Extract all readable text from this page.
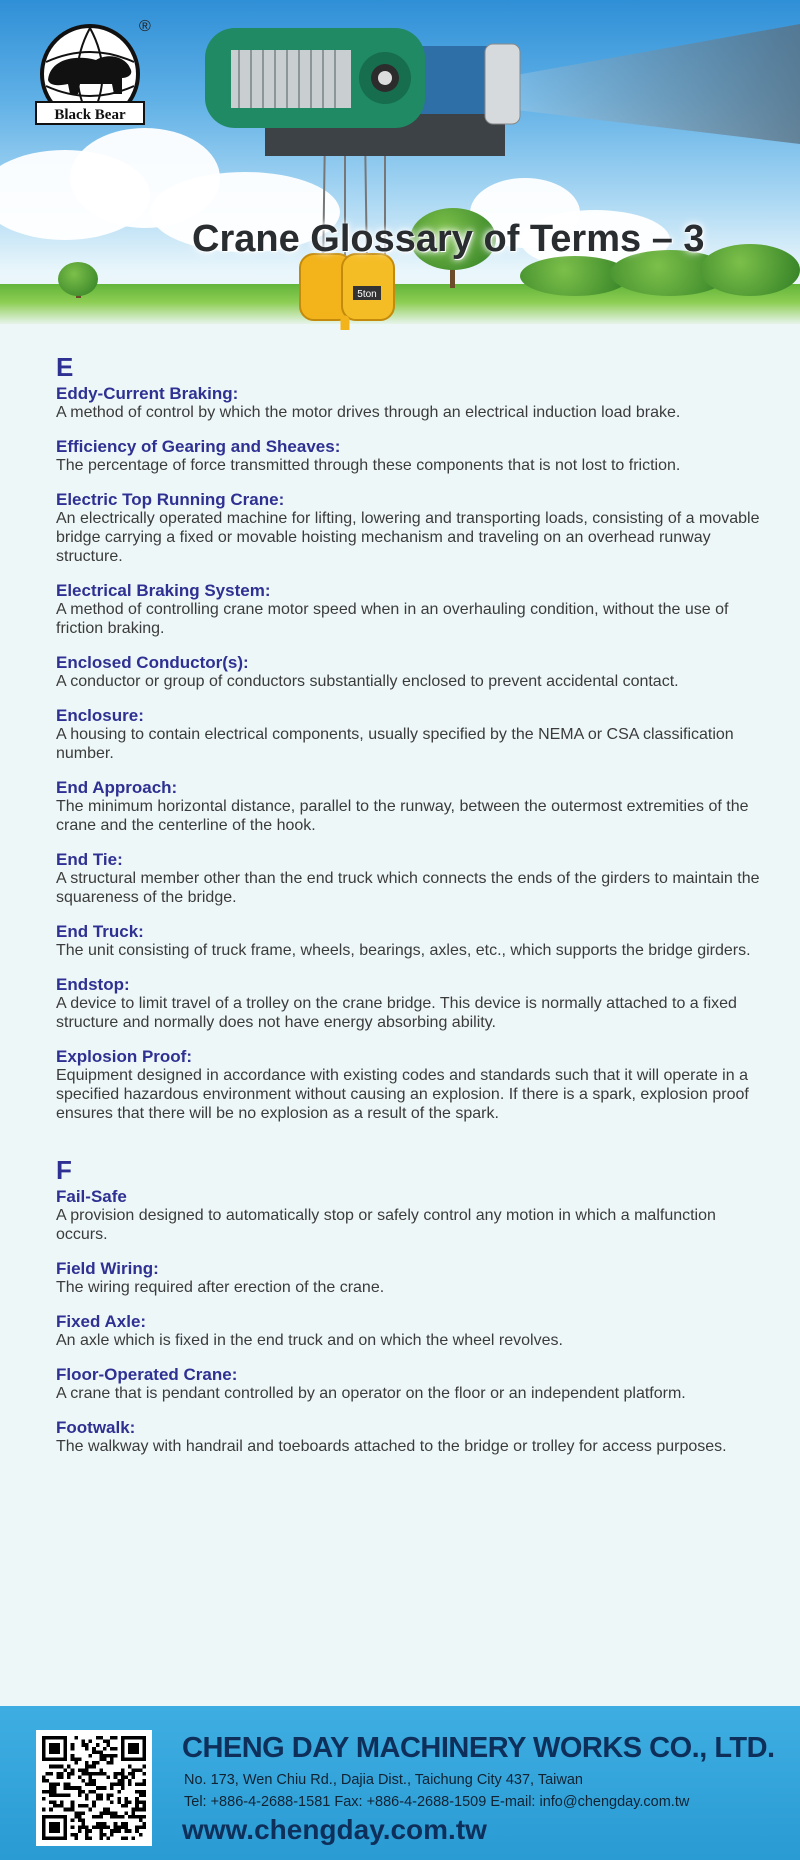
5ton
Black Bear
®
Crane Glossary of Terms – 3
E
Eddy-Current Braking:
A method of control by which the motor drives through an electrical induction load brake.
Efficiency of Gearing and Sheaves:
The percentage of force transmitted through these components that is not lost to friction.
Electric Top Running Crane:
An electrically operated machine for lifting, lowering and transporting loads, consisting of a movable bridge carrying a fixed or movable hoisting mechanism and traveling on an overhead runway structure.
Electrical Braking System:
A method of controlling crane motor speed when in an overhauling condition, without the use of friction braking.
Enclosed Conductor(s):
A conductor or group of conductors substantially enclosed to prevent accidental contact.
Enclosure:
A housing to contain electrical components, usually specified by the NEMA or CSA classification number.
End Approach:
The minimum horizontal distance, parallel to the runway, between the outermost extremities of the crane and the centerline of the hook.
End Tie:
A structural member other than the end truck which connects the ends of the girders to maintain the squareness of the bridge.
End Truck:
The unit consisting of truck frame, wheels, bearings, axles, etc., which supports the bridge girders.
Endstop:
A device to limit travel of a trolley on the crane bridge. This device is normally attached to a fixed structure and normally does not have energy absorbing ability.
Explosion Proof:
Equipment designed in accordance with existing codes and standards such that it will operate in a specified hazardous environment without causing an explosion. If there is a spark, explosion proof ensures that there will be no explosion as a result of the spark.
F
Fail-Safe
A provision designed to automatically stop or safely control any motion in which a malfunction occurs.
Field Wiring:
The wiring required after erection of the crane.
Fixed Axle:
An axle which is fixed in the end truck and on which the wheel revolves.
Floor-Operated Crane:
A crane that is pendant controlled by an operator on the floor or an independent platform.
Footwalk:
The walkway with handrail and toeboards attached to the bridge or trolley for access purposes.
CHENG DAY MACHINERY WORKS CO., LTD.
No. 173, Wen Chiu Rd., Dajia Dist., Taichung City 437, Taiwan
Tel: +886-4-2688-1581 Fax: +886-4-2688-1509 E-mail: info@chengday.com.tw
www.chengday.com.tw
